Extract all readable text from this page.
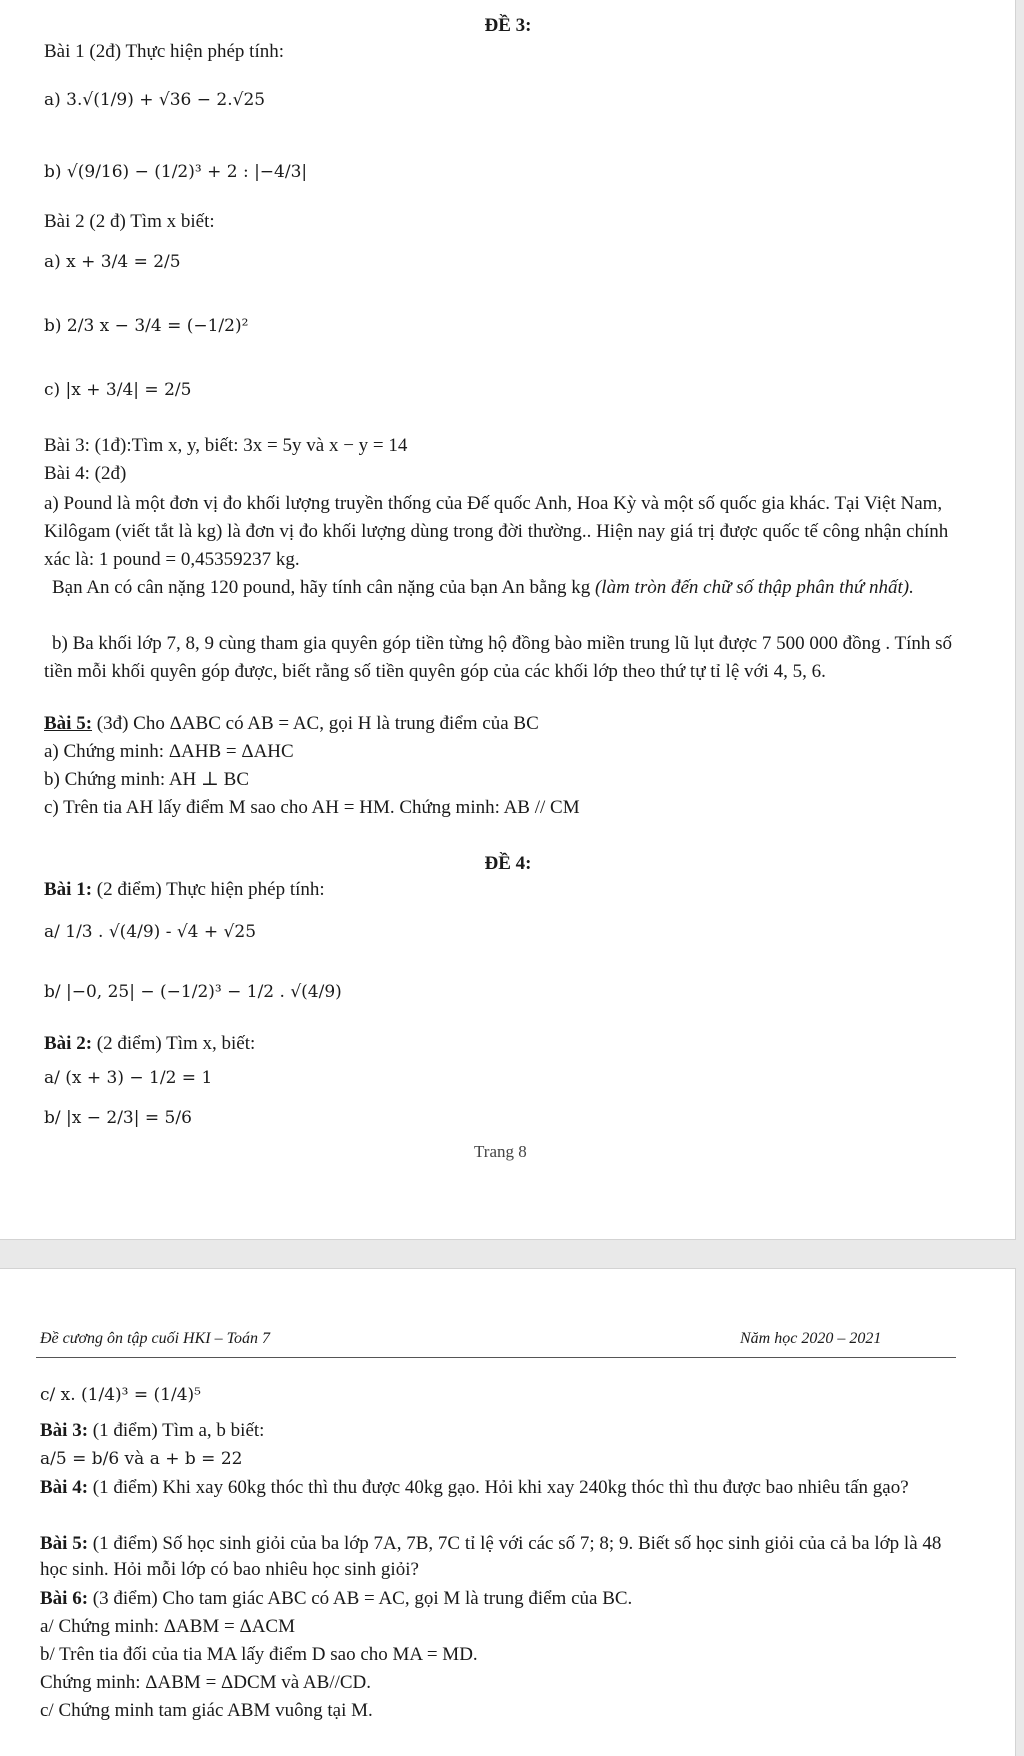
ĐỀ 3:
Bài 1 (2đ) Thực hiện phép tính:
a) 3.√(1/9) + √36 − 2.√25
b) √(9/16) − (1/2)³ + 2 : |−4/3|
Bài 2 (2 đ) Tìm x biết:
a) x + 3/4 = 2/5
b) 2/3 x − 3/4 = (−1/2)²
c) |x + 3/4| = 2/5
Bài 3: (1đ):Tìm x, y, biết: 3x = 5y và x − y = 14
Bài 4: (2đ)
a) Pound là một đơn vị đo khối lượng truyền thống của Đế quốc Anh, Hoa Kỳ và một số quốc gia khác. Tại Việt Nam, Kilôgam (viết tắt là kg) là đơn vị đo khối lượng dùng trong đời thường.. Hiện nay giá trị được quốc tế công nhận chính xác là: 1 pound = 0,45359237 kg.
Bạn An có cân nặng 120 pound, hãy tính cân nặng của bạn An bằng kg (làm tròn đến chữ số thập phân thứ nhất).
b) Ba khối lớp 7, 8, 9 cùng tham gia quyên góp tiền từng hộ đồng bào miền trung lũ lụt được 7 500 000 đồng . Tính số tiền mỗi khối quyên góp được, biết rằng số tiền quyên góp của các khối lớp theo thứ tự tỉ lệ với 4, 5, 6.
Bài 5: (3đ) Cho ΔABC có AB = AC, gọi H là trung điểm của BC
a) Chứng minh: ΔAHB = ΔAHC
b) Chứng minh: AH ⊥ BC
c) Trên tia AH lấy điểm M sao cho AH = HM. Chứng minh: AB // CM
ĐỀ 4:
Bài 1: (2 điểm) Thực hiện phép tính:
a/ 1/3 . √(4/9) - √4 + √25
b/ |−0, 25| − (−1/2)³ − 1/2 . √(4/9)
Bài 2: (2 điểm) Tìm x, biết:
a/ (x + 3) − 1/2 = 1
b/ |x − 2/3| = 5/6
Trang 8
Đề cương ôn tập cuối HKI – Toán 7	Năm học 2020 – 2021
c/ x. (1/4)³ = (1/4)⁵
Bài 3: (1 điểm) Tìm a, b biết:
a/5 = b/6 và a + b = 22
Bài 4: (1 điểm) Khi xay 60kg thóc thì thu được 40kg gạo. Hỏi khi xay 240kg thóc thì thu được bao nhiêu tấn gạo?
Bài 5: (1 điểm) Số học sinh giỏi của ba lớp 7A, 7B, 7C tỉ lệ với các số 7; 8; 9. Biết số học sinh giỏi của cả ba lớp là 48 học sinh. Hỏi mỗi lớp có bao nhiêu học sinh giỏi?
Bài 6: (3 điểm) Cho tam giác ABC có AB = AC, gọi M là trung điểm của BC.
a/ Chứng minh: ΔABM = ΔACM
b/ Trên tia đối của tia MA lấy điểm D sao cho MA = MD.
Chứng minh: ΔABM = ΔDCM và AB//CD.
c/ Chứng minh tam giác ABM vuông tại M.
